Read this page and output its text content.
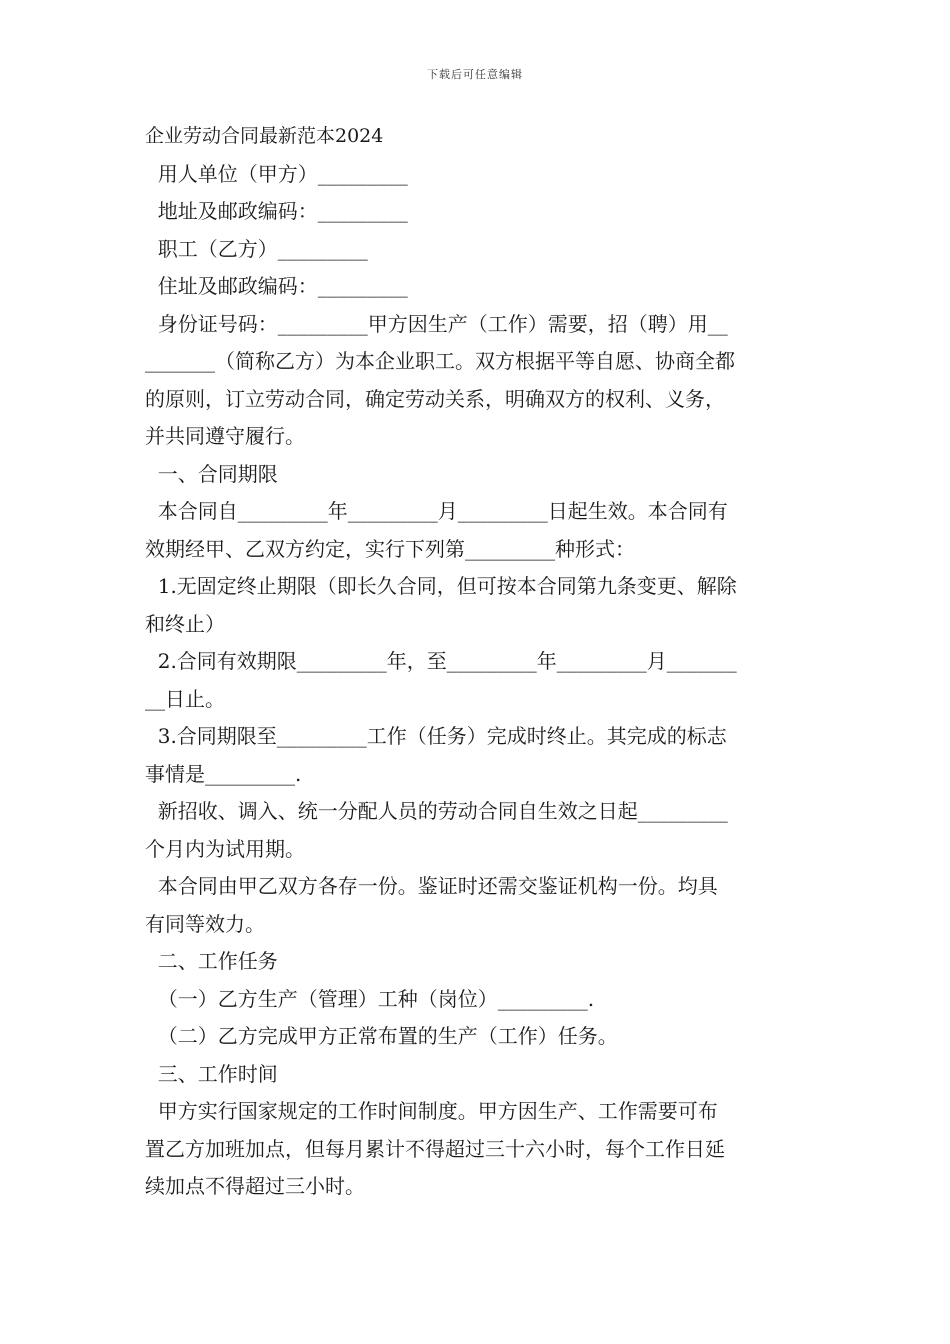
下载后可任意编辑
企业劳动合同最新范本2024
用人单位（甲方）_________
地址及邮政编码：_________
职工（乙方）_________
住址及邮政编码：_________
身份证号码：_________甲方因生产（工作）需要，招（聘）用__
_______（简称乙方）为本企业职工。双方根据平等自愿、协商全都
的原则，订立劳动合同，确定劳动关系，明确双方的权利、义务，
并共同遵守履行。
一、合同期限
本合同自_________年_________月_________日起生效。本合同有
效期经甲、乙双方约定，实行下列第_________种形式：
1.无固定终止期限（即长久合同，但可按本合同第九条变更、解除
和终止）
2.合同有效期限_________年，至_________年_________月_______
__日止。
3.合同期限至_________工作（任务）完成时终止。其完成的标志
事情是_________.
新招收、调入、统一分配人员的劳动合同自生效之日起_________
个月内为试用期。
本合同由甲乙双方各存一份。鉴证时还需交鉴证机构一份。均具
有同等效力。
二、工作任务
（一）乙方生产（管理）工种（岗位）_________.
（二）乙方完成甲方正常布置的生产（工作）任务。
三、工作时间
甲方实行国家规定的工作时间制度。甲方因生产、工作需要可布
置乙方加班加点，但每月累计不得超过三十六小时，每个工作日延
续加点不得超过三小时。
